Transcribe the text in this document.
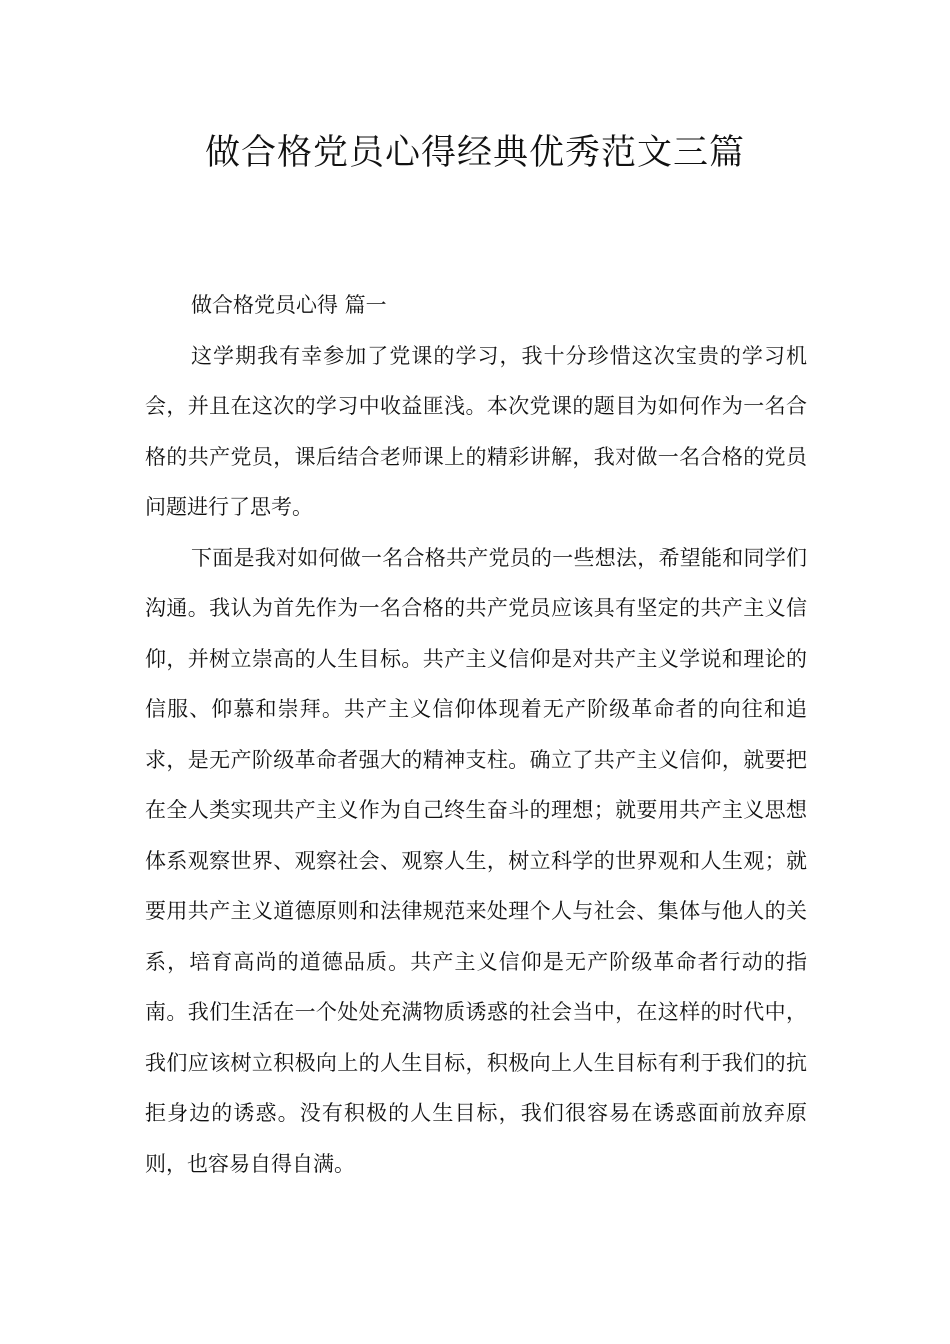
做合格党员心得经典优秀范文三篇

做合格党员心得 篇一

这学期我有幸参加了党课的学习，我十分珍惜这次宝贵的学习机会，并且在这次的学习中收益匪浅。本次党课的题目为如何作为一名合格的共产党员，课后结合老师课上的精彩讲解，我对做一名合格的党员问题进行了思考。

下面是我对如何做一名合格共产党员的一些想法，希望能和同学们沟通。我认为首先作为一名合格的共产党员应该具有坚定的共产主义信仰，并树立崇高的人生目标。共产主义信仰是对共产主义学说和理论的信服、仰慕和崇拜。共产主义信仰体现着无产阶级革命者的向往和追求，是无产阶级革命者强大的精神支柱。确立了共产主义信仰，就要把在全人类实现共产主义作为自己终生奋斗的理想；就要用共产主义思想体系观察世界、观察社会、观察人生，树立科学的世界观和人生观；就要用共产主义道德原则和法律规范来处理个人与社会、集体与他人的关系，培育高尚的道德品质。共产主义信仰是无产阶级革命者行动的指南。我们生活在一个处处充满物质诱惑的社会当中，在这样的时代中，我们应该树立积极向上的人生目标，积极向上人生目标有利于我们的抗拒身边的诱惑。没有积极的人生目标，我们很容易在诱惑面前放弃原则，也容易自得自满。
